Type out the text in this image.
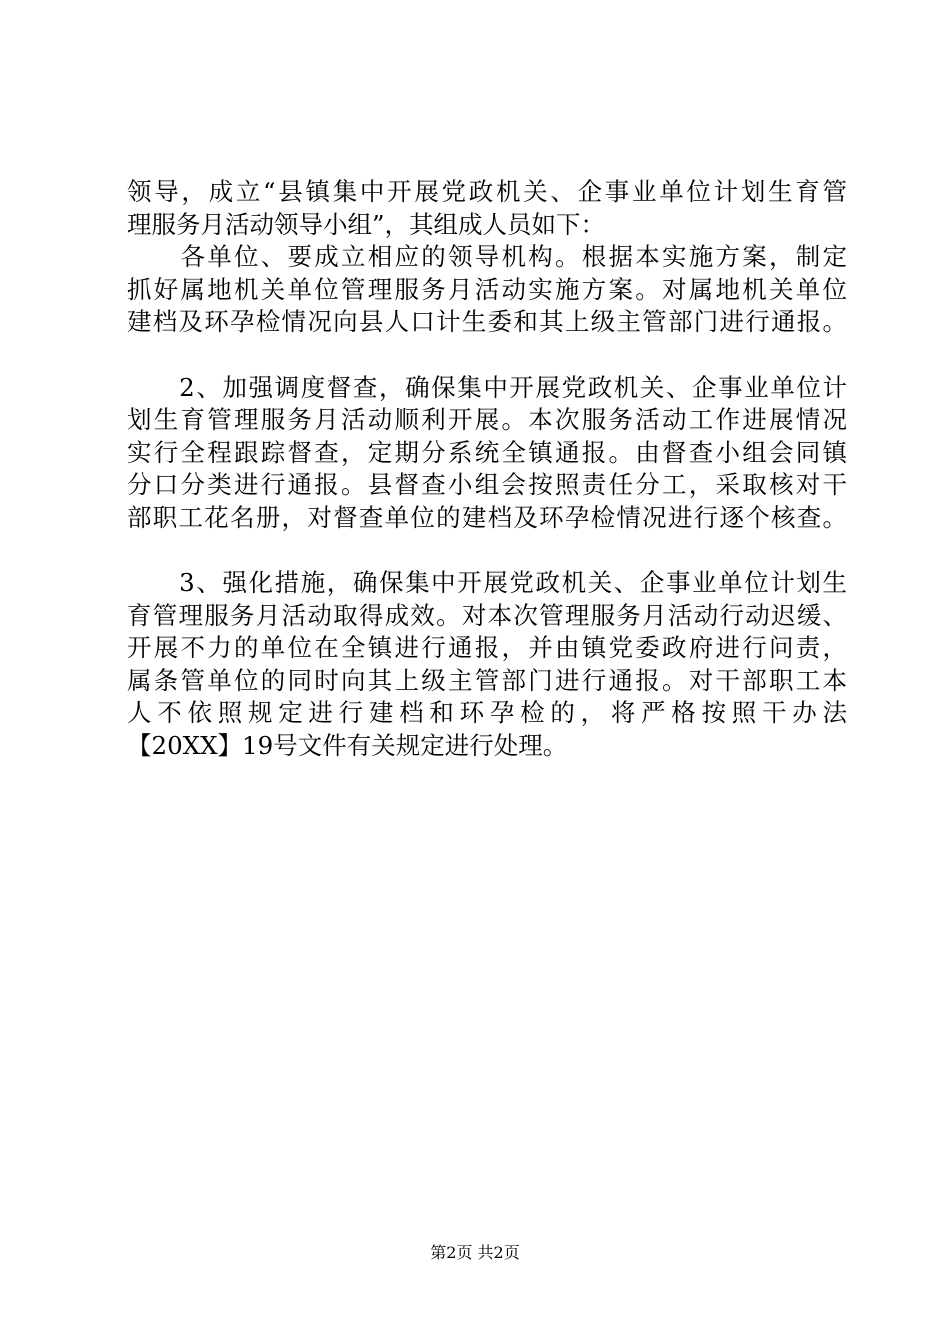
领导，成立“县镇集中开展党政机关、企事业单位计划生育管
理服务月活动领导小组”，其组成人员如下：
　　各单位、要成立相应的领导机构。根据本实施方案，制定
抓好属地机关单位管理服务月活动实施方案。对属地机关单位
建档及环孕检情况向县人口计生委和其上级主管部门进行通报。
　　2、加强调度督查，确保集中开展党政机关、企事业单位计
划生育管理服务月活动顺利开展。本次服务活动工作进展情况
实行全程跟踪督查，定期分系统全镇通报。由督查小组会同镇
分口分类进行通报。县督查小组会按照责任分工，采取核对干
部职工花名册，对督查单位的建档及环孕检情况进行逐个核查。
　　3、强化措施，确保集中开展党政机关、企事业单位计划生
育管理服务月活动取得成效。对本次管理服务月活动行动迟缓、
开展不力的单位在全镇进行通报，并由镇党委政府进行问责，
属条管单位的同时向其上级主管部门进行通报。对干部职工本
人不依照规定进行建档和环孕检的，将严格按照干办法
【20XX】19号文件有关规定进行处理。
第2页 共2页
